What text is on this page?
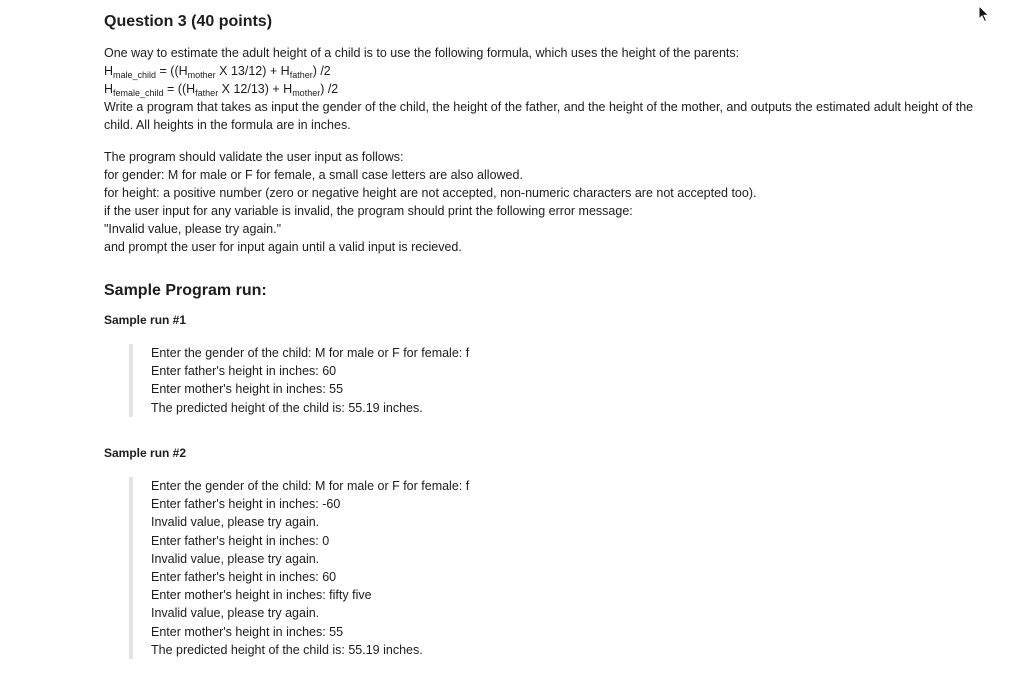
Question 3 (40 points)
One way to estimate the adult height of a child is to use the following formula, which uses the height of the parents:
$H_{male\_child} = ((H_{mother}$ X $13/12) + H_{father}$) /2
$H_{female\_child} = ((H_{father}$ X $12/13) + H_{mother}$) /2
Write a program that takes as input the gender of the child, the height of the father, and the height of the mother, and outputs the estimated adult height of the
child. All heights in the formula are in inches.
The program should validate the user input as follows:
for gender: M for male or F for female, a small case letters are also allowed.
for height: a positive number (zero or negative height are not accepted, non-numeric characters are not accepted too).
if the user input for any variable is invalid, the program should print the following error message:
"Invalid value, please try again."
and prompt the user for input again until a valid input is recieved.
Sample Program run:
Sample run #1
Enter the gender of the child: M for male or F for female: f
Enter father's height in inches: 60
Enter mother's height in inches: 55
The predicted height of the child is: 55.19 inches.
Sample run #2
Enter the gender of the child: M for male or F for female: f
Enter father's height in inches: -60
Invalid value, please try again.
Enter father's height in inches: 0
Invalid value, please try again.
Enter father's height in inches: 60
Enter mother's height in inches: fifty five
Invalid value, please try again.
Enter mother's height in inches: 55
The predicted height of the child is: 55.19 inches.
